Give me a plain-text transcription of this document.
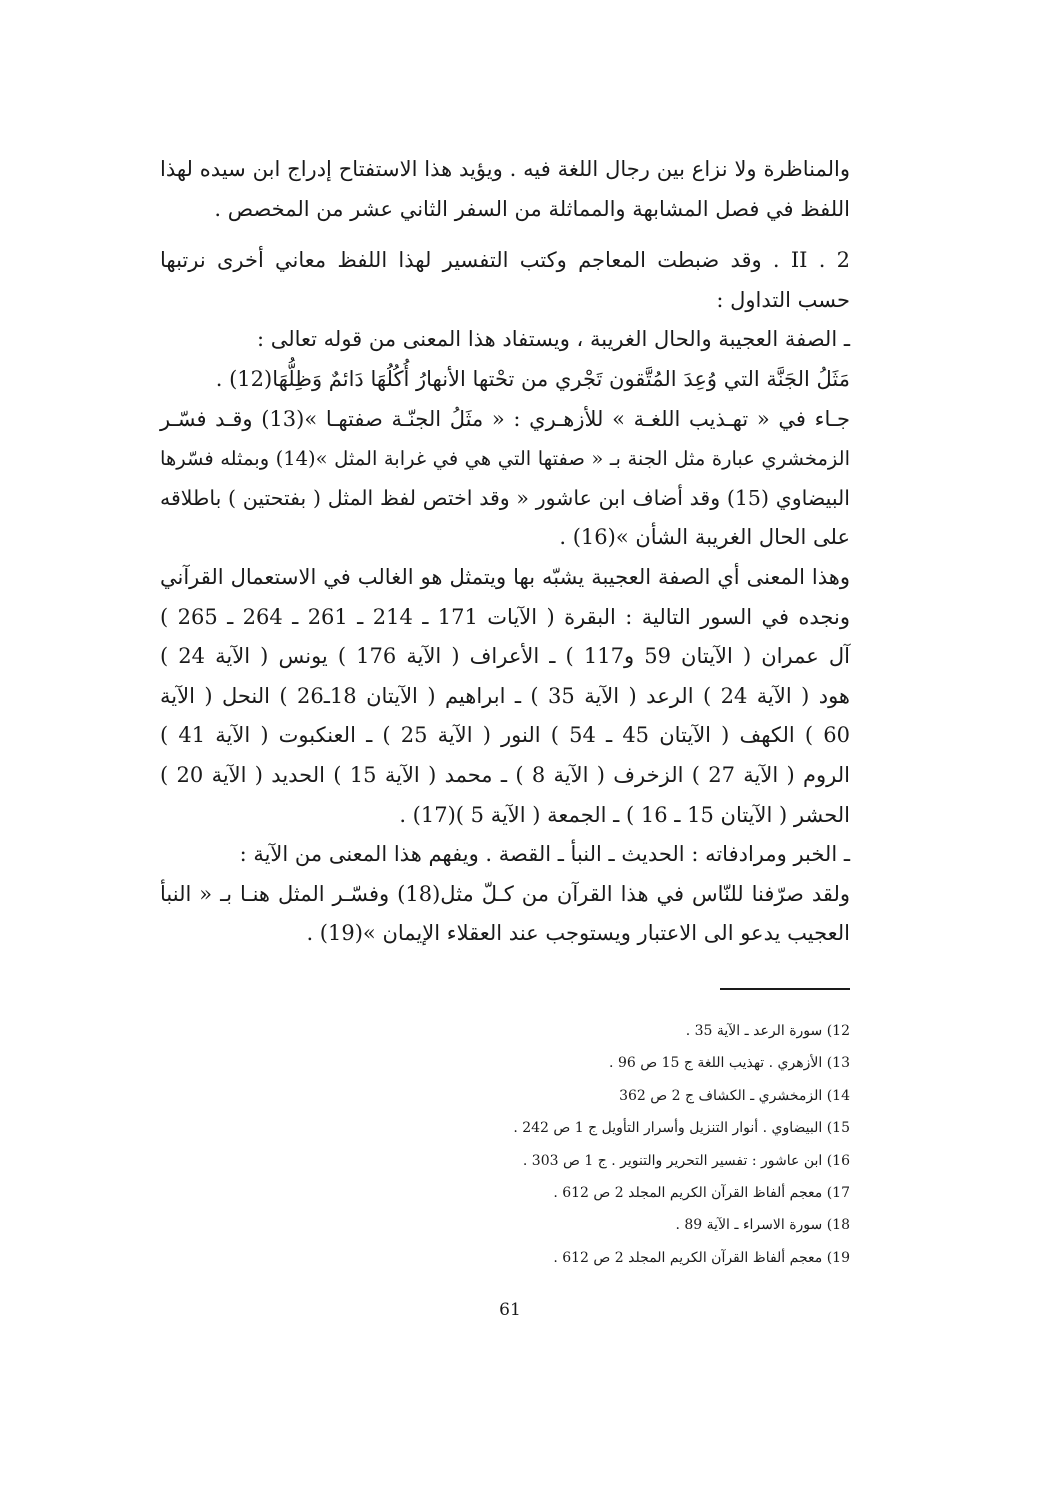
والمناظرة ولا نزاع بين رجال اللغة فيه . ويؤيد هذا الاستفتاح إدراج ابن سيده لهذا
اللفظ في فصل المشابهة والمماثلة من السفر الثاني عشر من المخصص .
II . 2 . وقد ضبطت المعاجم وكتب التفسير لهذا اللفظ معاني أخرى نرتبها
حسب التداول :
ـ الصفة العجيبة والحال الغريبة ، ويستفاد هذا المعنى من قوله تعالى :
مَثَلُ الجَنَّة التي وُعِدَ المُتَّقون تَجْري من تحْتها الأنهارُ أُكُلُهَا دَائمٌ وَظِلُّهَا(12) .
جـاء في « تهـذيب اللغـة » للأزهـري : « مثَلُ الجنّـة صفتهـا »(13) وقـد فسّـر
الزمخشري عبارة مثل الجنة بـ « صفتها التي هي في غرابة المثل »(14) وبمثله فسّرها
البيضاوي (15) وقد أضاف ابن عاشور « وقد اختص لفظ المثل ( بفتحتين ) باطلاقه
على الحال الغريبة الشأن »(16) .
وهذا المعنى أي الصفة العجيبة يشبّه بها ويتمثل هو الغالب في الاستعمال القرآني
ونجده في السور التالية : البقرة ( الآيات 171 ـ 214 ـ 261 ـ 264 ـ 265 )
آل عمران ( الآيتان 59 و117 ) ـ الأعراف ( الآية 176 ) يونس ( الآية 24 )
هود ( الآية 24 ) الرعد ( الآية 35 ) ـ ابراهيم ( الآيتان 18ـ26 ) النحل ( الآية
60 ) الكهف ( الآيتان 45 ـ 54 ) النور ( الآية 25 ) ـ العنكبوت ( الآية 41 )
الروم ( الآية 27 ) الزخرف ( الآية 8 ) ـ محمد ( الآية 15 ) الحديد ( الآية 20 )
الحشر ( الآيتان 15 ـ 16 ) ـ الجمعة ( الآية 5 )(17) .
ـ الخبر ومرادفاته : الحديث ـ النبأ ـ القصة . ويفهم هذا المعنى من الآية :
ولقد صرّفنا للنّاس في هذا القرآن من كـلّ مثل(18) وفسّـر المثل هنـا بـ « النبأ
العجيب يدعو الى الاعتبار ويستوجب عند العقلاء الإيمان »(19) .
12) سورة الرعد ـ الآية 35 .
13) الأزهري . تهذيب اللغة ج 15 ص 96 .
14) الزمخشري ـ الكشاف ج 2 ص 362
15) البيضاوي . أنوار التنزيل وأسرار التأويل ج 1 ص 242 .
16) ابن عاشور : تفسير التحرير والتنوير . ج 1 ص 303 .
17) معجم ألفاظ القرآن الكريم المجلد 2 ص 612 .
18) سورة الاسراء ـ الآية 89 .
19) معجم ألفاظ القرآن الكريم المجلد 2 ص 612 .
61
